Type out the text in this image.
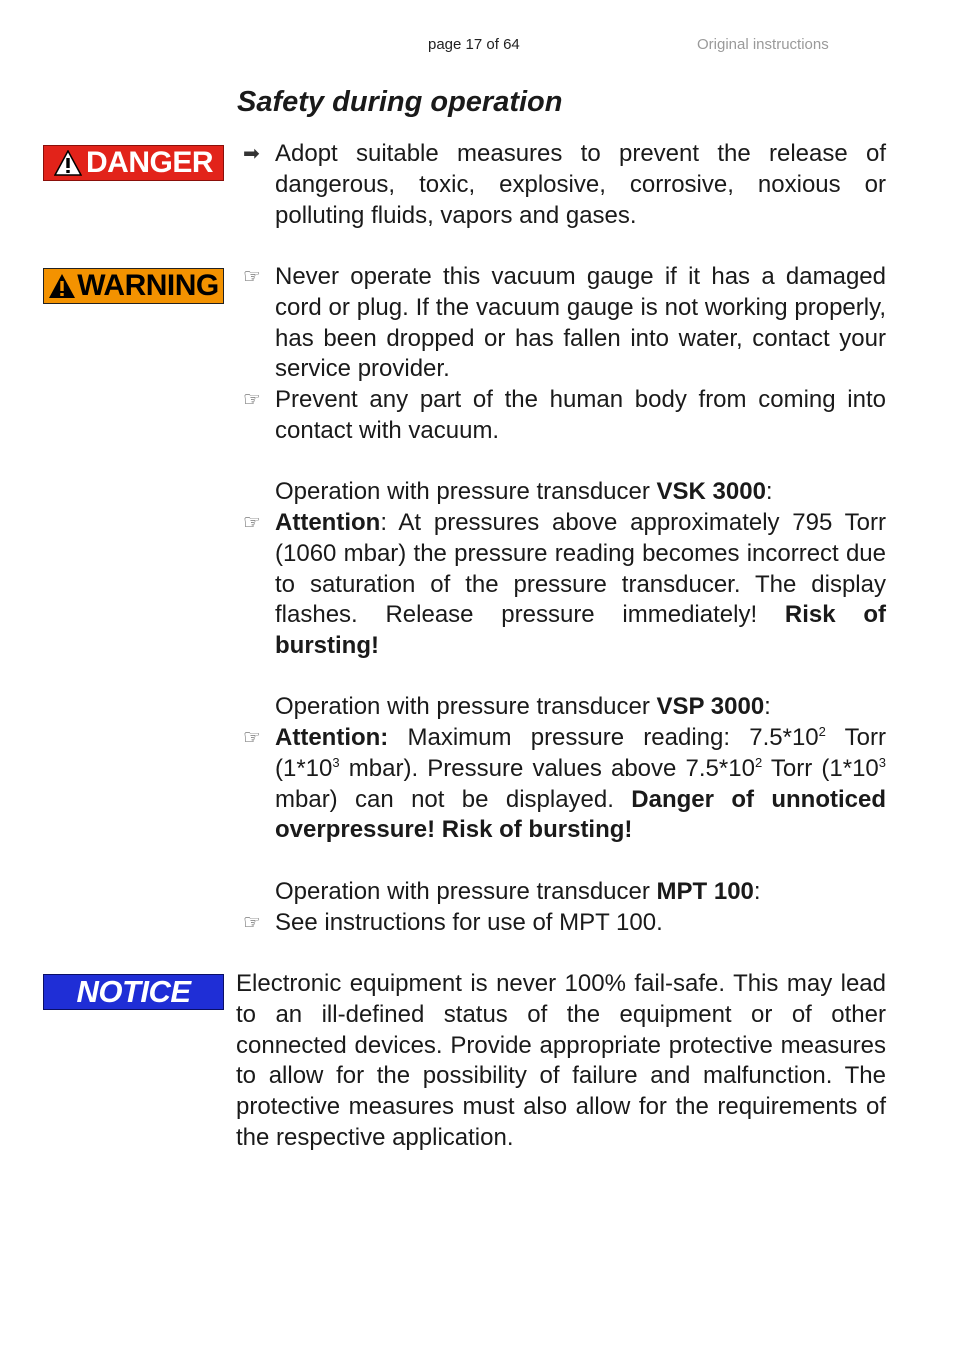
page 17 of 64	Original instructions
Safety during operation
DANGER ➡ Adopt suitable measures to prevent the release of dangerous, toxic, explosive, corrosive, noxious or polluting fluids, vapors and gases.
WARNING ☞ Never operate this vacuum gauge if it has a damaged cord or plug. If the vacuum gauge is not working properly, has been dropped or has fallen into water, contact your service provider.
☞ Prevent any part of the human body from coming into contact with vacuum.
Operation with pressure transducer VSK 3000:
☞ Attention: At pressures above approximately 795 Torr (1060 mbar) the pressure reading becomes incorrect due to saturation of the pressure transducer. The display flashes. Release pressure immediately! Risk of bursting!
Operation with pressure transducer VSP 3000:
☞ Attention: Maximum pressure reading: $7.5*10^2$ Torr ($1*10^3$ mbar). Pressure values above $7.5*10^2$ Torr ($1*10^3$ mbar) can not be displayed. Danger of unnoticed overpressure! Risk of bursting!
Operation with pressure transducer MPT 100:
☞ See instructions for use of MPT 100.
NOTICE Electronic equipment is never 100% fail-safe. This may lead to an ill-defined status of the equipment or of other connected devices. Provide appropriate protective measures to allow for the possibility of failure and malfunction. The protective measures must also allow for the requirements of the respective application.
